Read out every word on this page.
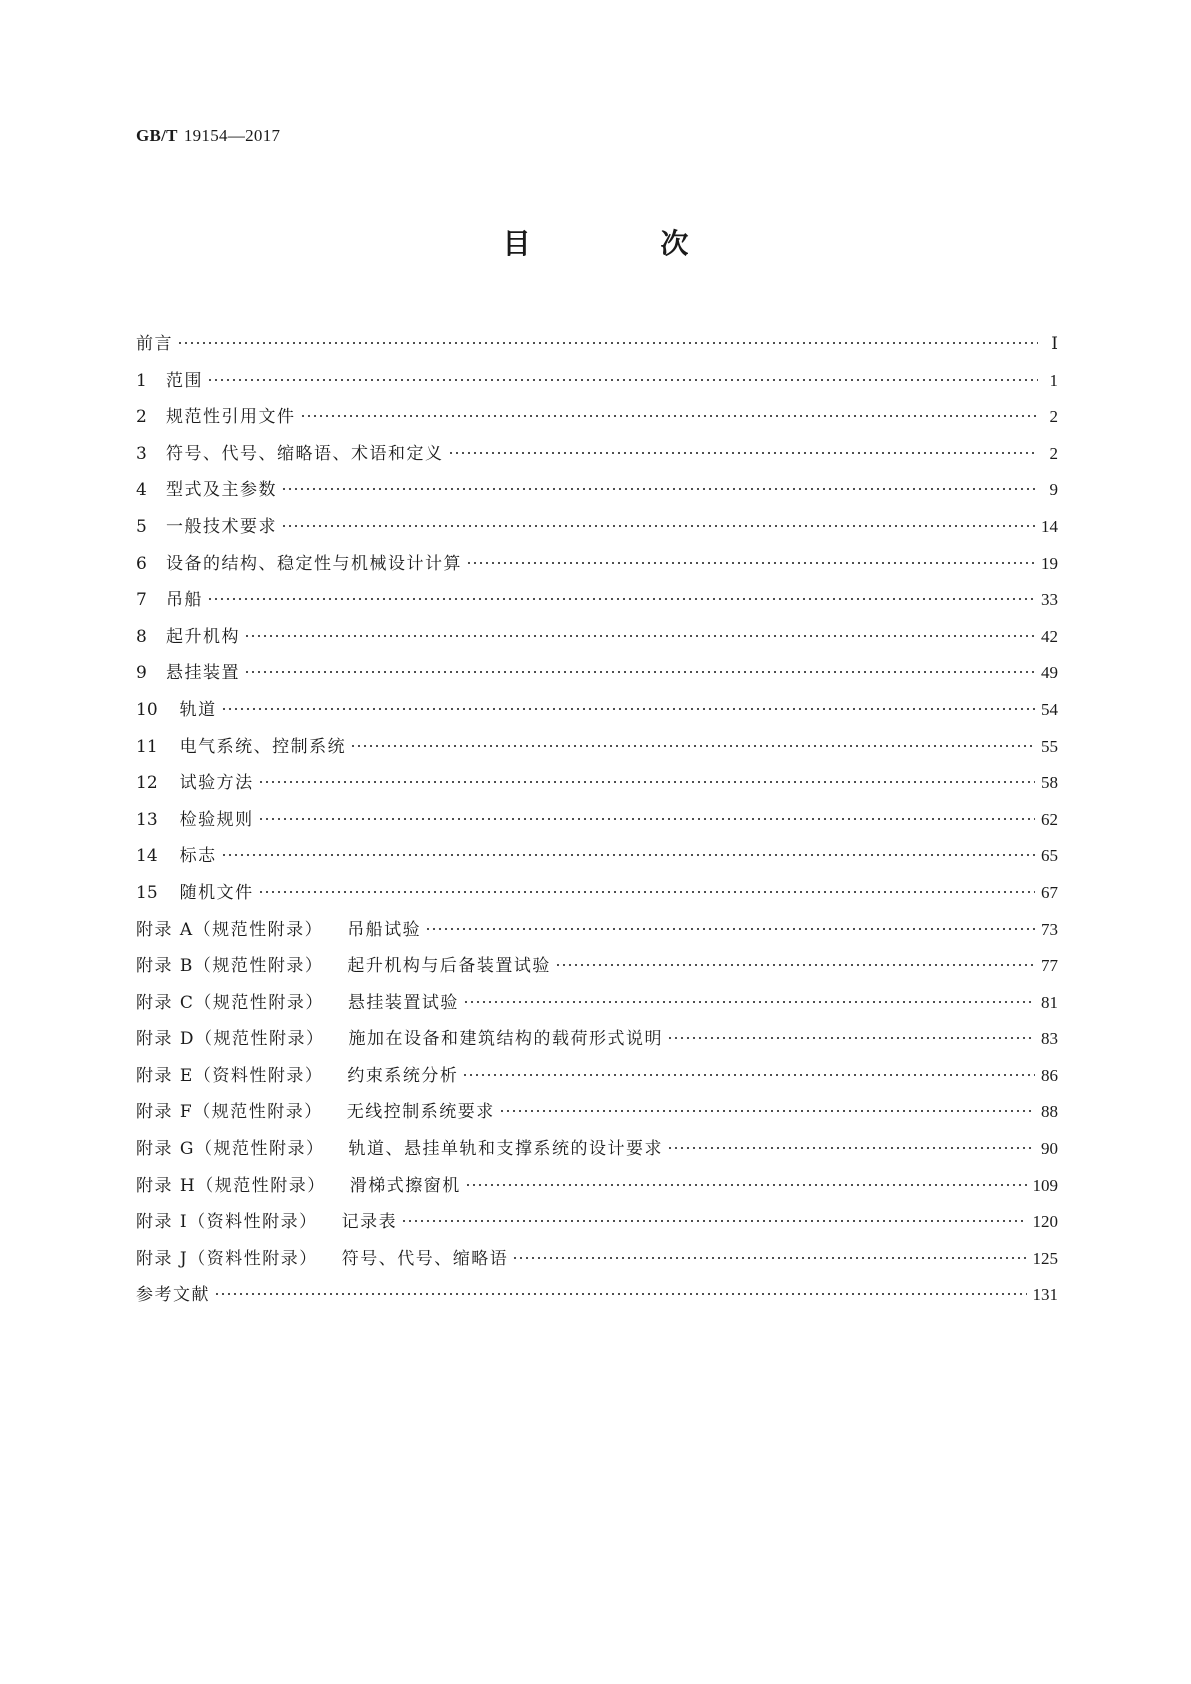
GB/T 19154—2017
目 次
前言	Ⅰ
1 范围	1
2 规范性引用文件	2
3 符号、代号、缩略语、术语和定义	2
4 型式及主参数	9
5 一般技术要求	14
6 设备的结构、稳定性与机械设计计算	19
7 吊船	33
8 起升机构	42
9 悬挂装置	49
10 轨道	54
11 电气系统、控制系统	55
12 试验方法	58
13 检验规则	62
14 标志	65
15 随机文件	67
附录 A（规范性附录） 吊船试验	73
附录 B（规范性附录） 起升机构与后备装置试验	77
附录 C（规范性附录） 悬挂装置试验	81
附录 D（规范性附录） 施加在设备和建筑结构的载荷形式说明	83
附录 E（资料性附录） 约束系统分析	86
附录 F（规范性附录） 无线控制系统要求	88
附录 G（规范性附录） 轨道、悬挂单轨和支撑系统的设计要求	90
附录 H（规范性附录） 滑梯式擦窗机	109
附录 I（资料性附录） 记录表	120
附录 J（资料性附录） 符号、代号、缩略语	125
参考文献	131
